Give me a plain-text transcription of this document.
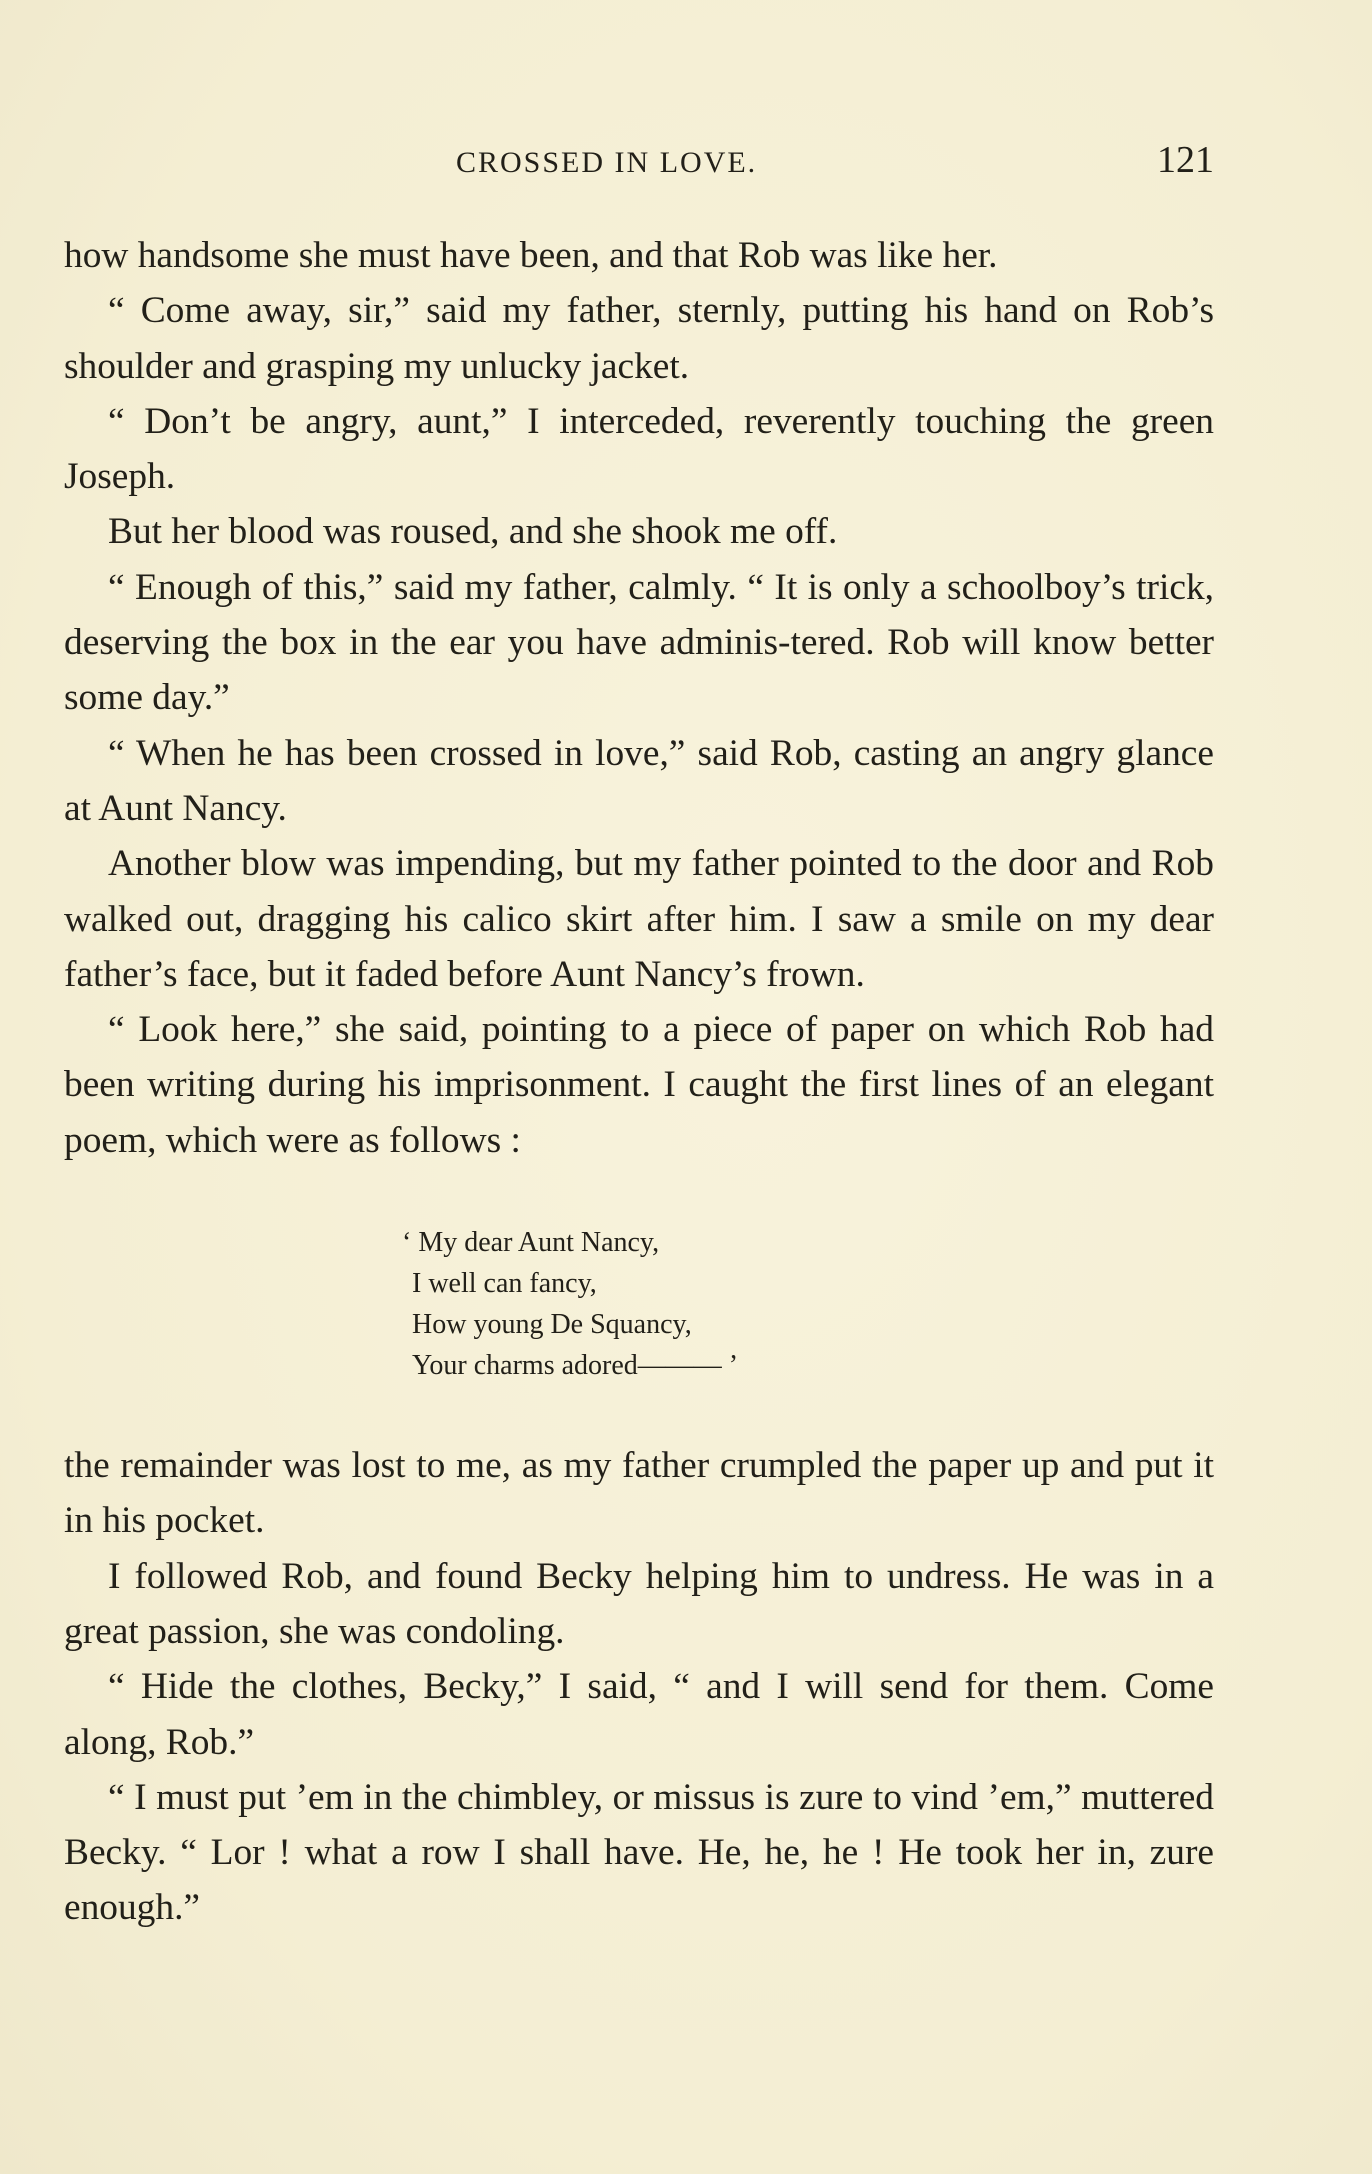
CROSSED IN LOVE.	121

how handsome she must have been, and that Rob was like her.

“ Come away, sir,” said my father, sternly, putting his hand on Rob’s shoulder and grasping my unlucky jacket.

“ Don’t be angry, aunt,” I interceded, reverently touching the green Joseph.

But her blood was roused, and she shook me off.

“ Enough of this,” said my father, calmly. “ It is only a schoolboy’s trick, deserving the box in the ear you have adminis-tered. Rob will know better some day.”

“ When he has been crossed in love,” said Rob, casting an angry glance at Aunt Nancy.

Another blow was impending, but my father pointed to the door and Rob walked out, dragging his calico skirt after him. I saw a smile on my dear father’s face, but it faded before Aunt Nancy’s frown.

“ Look here,” she said, pointing to a piece of paper on which Rob had been writing during his imprisonment. I caught the first lines of an elegant poem, which were as follows :

‘ My dear Aunt Nancy,
I well can fancy,
How young De Squancy,
Your charms adored——— ’

the remainder was lost to me, as my father crumpled the paper up and put it in his pocket.

I followed Rob, and found Becky helping him to undress. He was in a great passion, she was condoling.

“ Hide the clothes, Becky,” I said, “ and I will send for them. Come along, Rob.”

“ I must put ’em in the chimbley, or missus is zure to vind ’em,” muttered Becky. “ Lor ! what a row I shall have. He, he, he ! He took her in, zure enough.”
